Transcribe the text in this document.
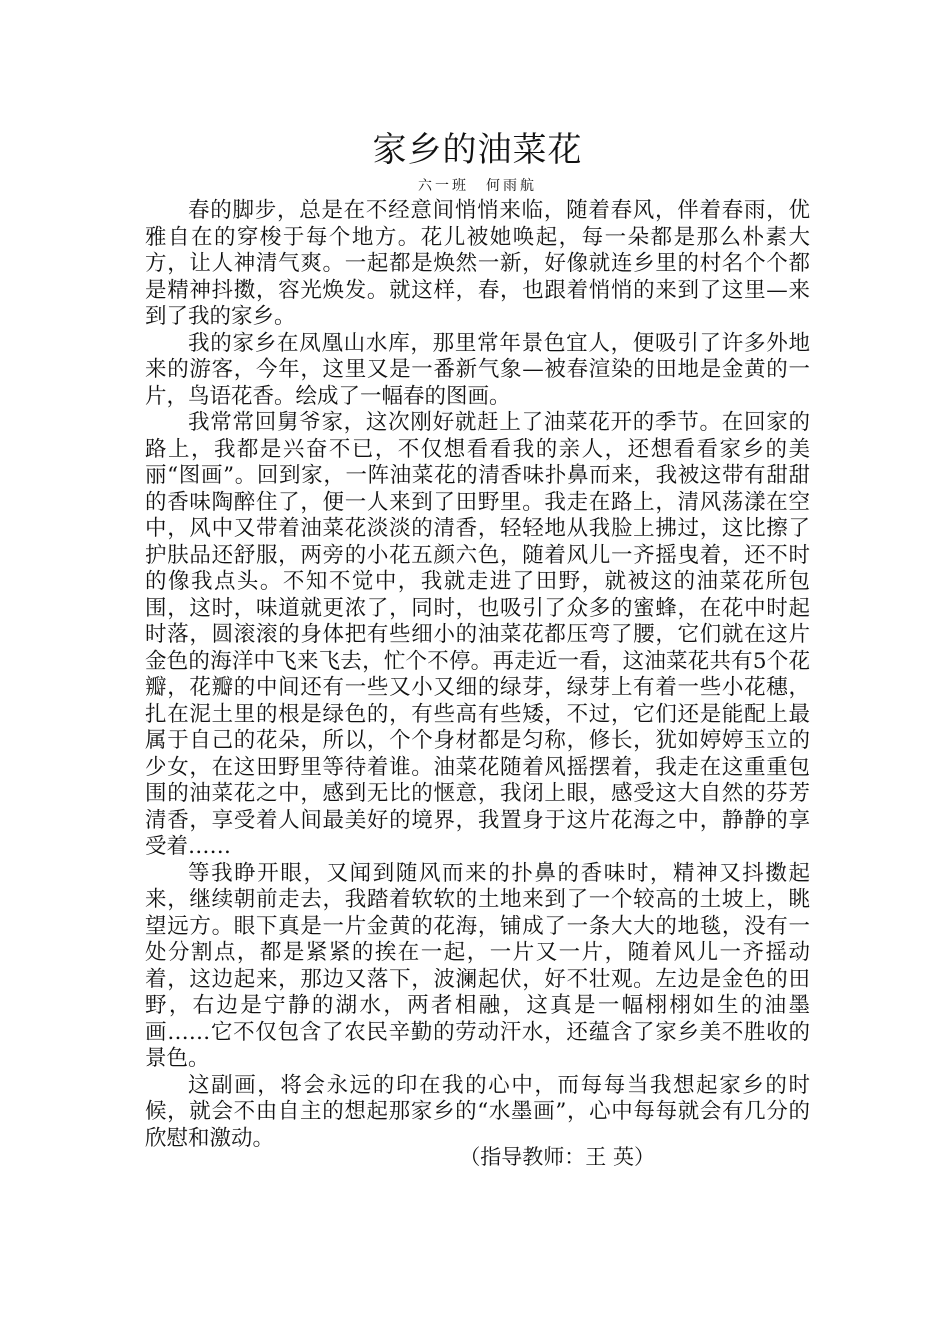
家乡的油菜花
六一班　何雨航

春的脚步，总是在不经意间悄悄来临，随着春风，伴着春雨，优雅自在的穿梭于每个地方。花儿被她唤起，每一朵都是那么朴素大方，让人神清气爽。一起都是焕然一新，好像就连乡里的村名个个都是精神抖擞，容光焕发。就这样，春，也跟着悄悄的来到了这里—来到了我的家乡。

我的家乡在凤凰山水库，那里常年景色宜人，便吸引了许多外地来的游客，今年，这里又是一番新气象—被春渲染的田地是金黄的一片，鸟语花香。绘成了一幅春的图画。

我常常回舅爷家，这次刚好就赶上了油菜花开的季节。在回家的路上，我都是兴奋不已，不仅想看看我的亲人，还想看看家乡的美丽“图画”。回到家，一阵油菜花的清香味扑鼻而来，我被这带有甜甜的香味陶醉住了，便一人来到了田野里。我走在路上，清风荡漾在空中，风中又带着油菜花淡淡的清香，轻轻地从我脸上拂过，这比擦了护肤品还舒服，两旁的小花五颜六色，随着风儿一齐摇曳着，还不时的像我点头。不知不觉中，我就走进了田野，就被这的油菜花所包围，这时，味道就更浓了，同时，也吸引了众多的蜜蜂，在花中时起时落，圆滚滚的身体把有些细小的油菜花都压弯了腰，它们就在这片金色的海洋中飞来飞去，忙个不停。再走近一看，这油菜花共有5个花瓣，花瓣的中间还有一些又小又细的绿芽，绿芽上有着一些小花穗，扎在泥土里的根是绿色的，有些高有些矮，不过，它们还是能配上最属于自己的花朵，所以，个个身材都是匀称，修长，犹如婷婷玉立的少女，在这田野里等待着谁。油菜花随着风摇摆着，我走在这重重包围的油菜花之中，感到无比的惬意，我闭上眼，感受这大自然的芬芳清香，享受着人间最美好的境界，我置身于这片花海之中，静静的享受着……

等我睁开眼，又闻到随风而来的扑鼻的香味时，精神又抖擞起来，继续朝前走去，我踏着软软的土地来到了一个较高的土坡上，眺望远方。眼下真是一片金黄的花海，铺成了一条大大的地毯，没有一处分割点，都是紧紧的挨在一起，一片又一片，随着风儿一齐摇动着，这边起来，那边又落下，波澜起伏，好不壮观。左边是金色的田野，右边是宁静的湖水，两者相融，这真是一幅栩栩如生的油墨画……它不仅包含了农民辛勤的劳动汗水，还蕴含了家乡美不胜收的景色。

这副画，将会永远的印在我的心中，而每每当我想起家乡的时候，就会不由自主的想起那家乡的“水墨画”，心中每每就会有几分的欣慰和激动。

（指导教师：王 英）
